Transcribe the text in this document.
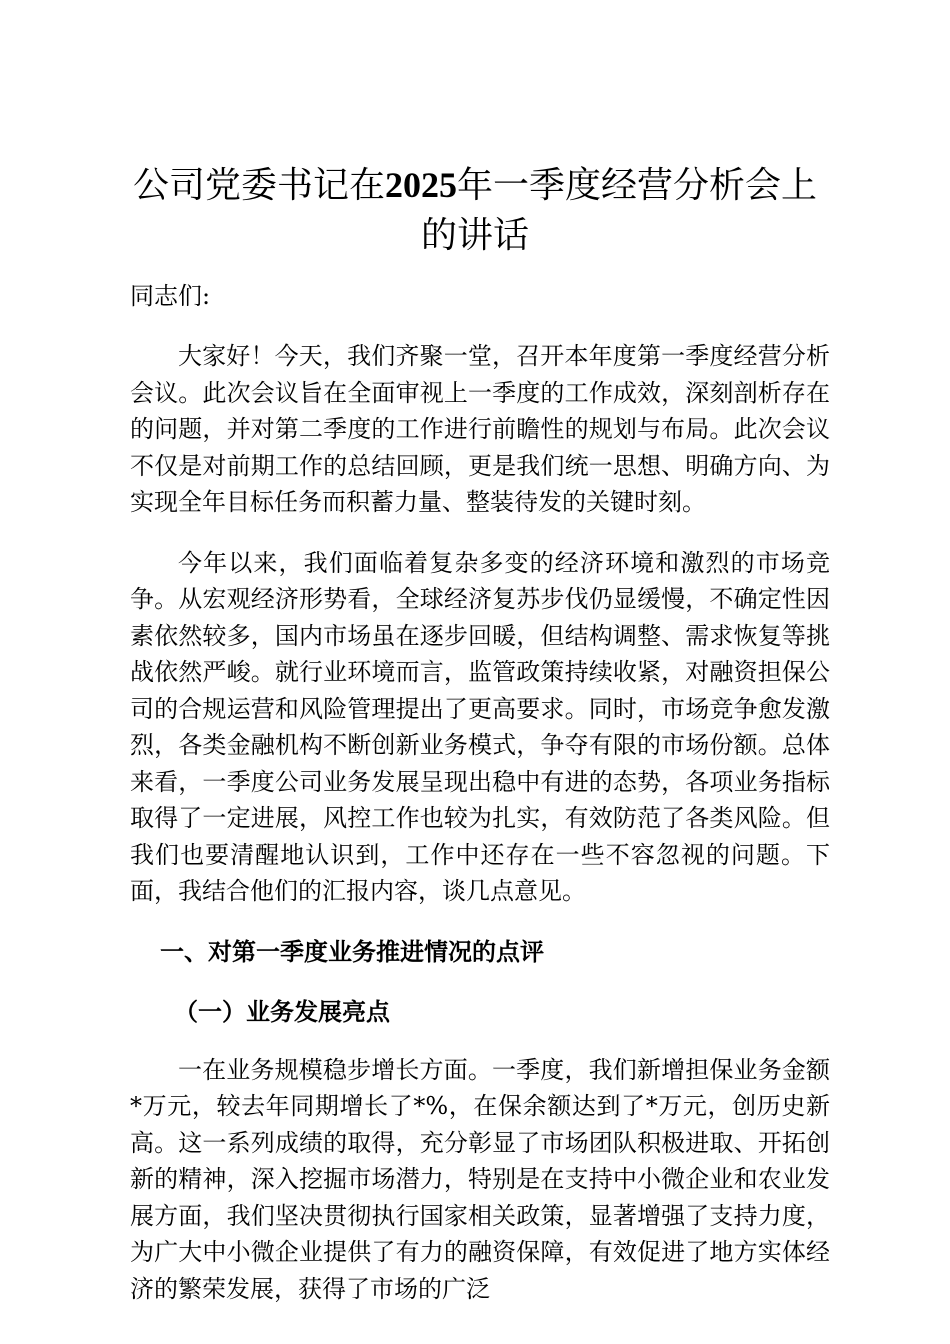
公司党委书记在2025年一季度经营分析会上的讲话

同志们:

大家好！今天，我们齐聚一堂，召开本年度第一季度经营分析会议。此次会议旨在全面审视上一季度的工作成效，深刻剖析存在的问题，并对第二季度的工作进行前瞻性的规划与布局。此次会议不仅是对前期工作的总结回顾，更是我们统一思想、明确方向、为实现全年目标任务而积蓄力量、整装待发的关键时刻。

今年以来，我们面临着复杂多变的经济环境和激烈的市场竞争。从宏观经济形势看，全球经济复苏步伐仍显缓慢，不确定性因素依然较多，国内市场虽在逐步回暖，但结构调整、需求恢复等挑战依然严峻。就行业环境而言，监管政策持续收紧，对融资担保公司的合规运营和风险管理提出了更高要求。同时，市场竞争愈发激烈，各类金融机构不断创新业务模式，争夺有限的市场份额。总体来看，一季度公司业务发展呈现出稳中有进的态势，各项业务指标取得了一定进展，风控工作也较为扎实，有效防范了各类风险。但我们也要清醒地认识到，工作中还存在一些不容忽视的问题。下面，我结合他们的汇报内容，谈几点意见。

一、对第一季度业务推进情况的点评

（一）业务发展亮点

一在业务规模稳步增长方面。一季度，我们新增担保业务金额*万元，较去年同期增长了*%，在保余额达到了*万元，创历史新高。这一系列成绩的取得，充分彰显了市场团队积极进取、开拓创新的精神，深入挖掘市场潜力，特别是在支持中小微企业和农业发展方面，我们坚决贯彻执行国家相关政策，显著增强了支持力度，为广大中小微企业提供了有力的融资保障，有效促进了地方实体经济的繁荣发展，获得了市场的广泛
